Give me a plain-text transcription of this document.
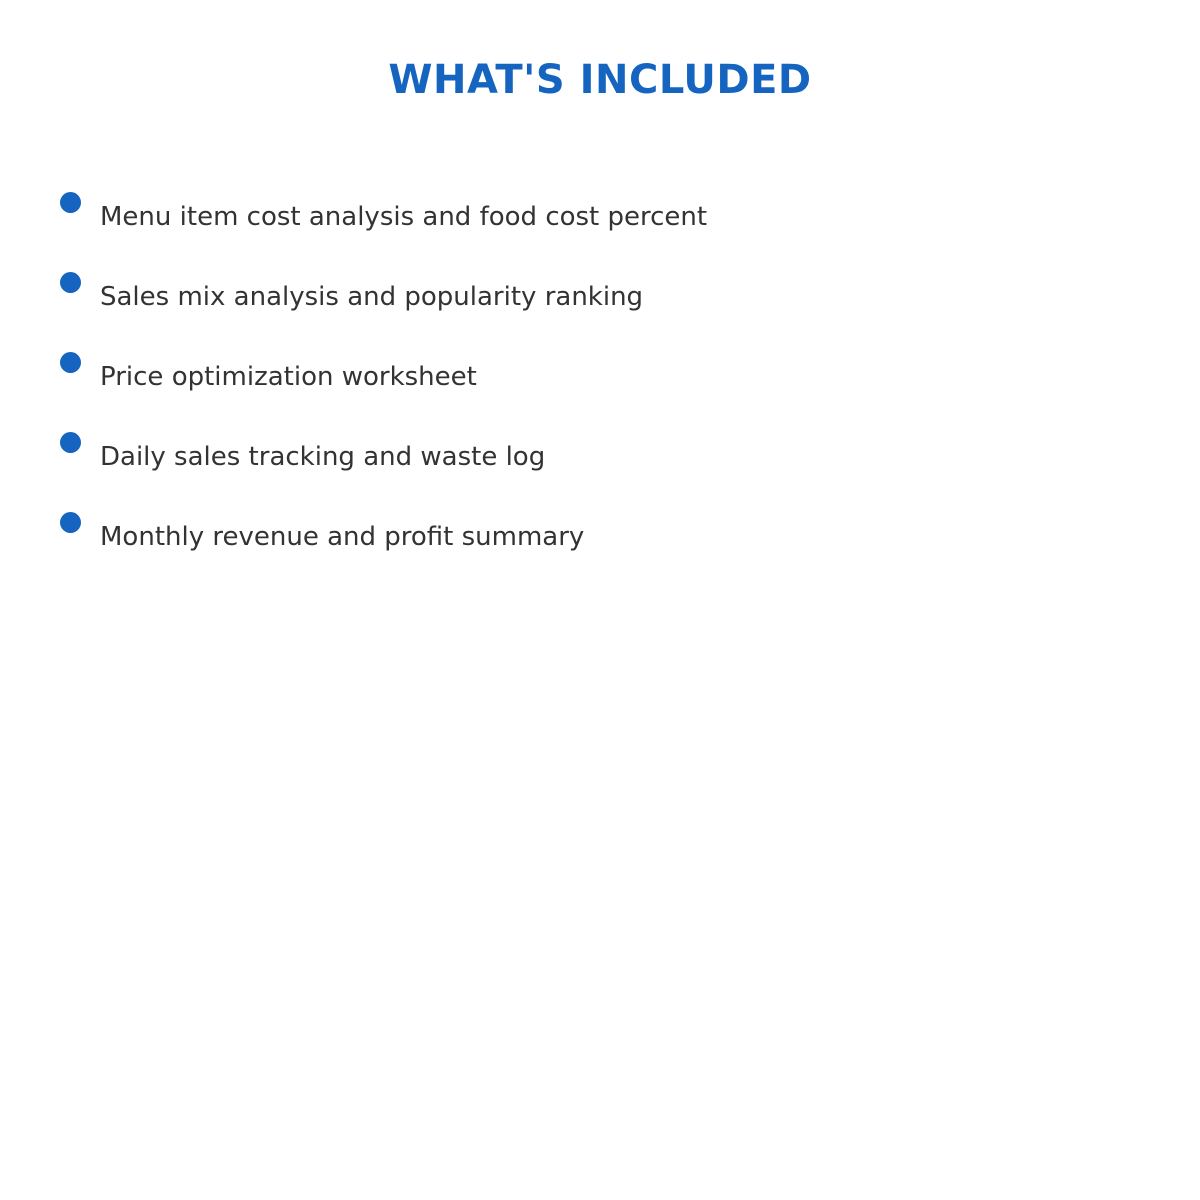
WHAT'S INCLUDED
Menu item cost analysis and food cost percent
Sales mix analysis and popularity ranking
Price optimization worksheet
Daily sales tracking and waste log
Monthly revenue and profit summary
